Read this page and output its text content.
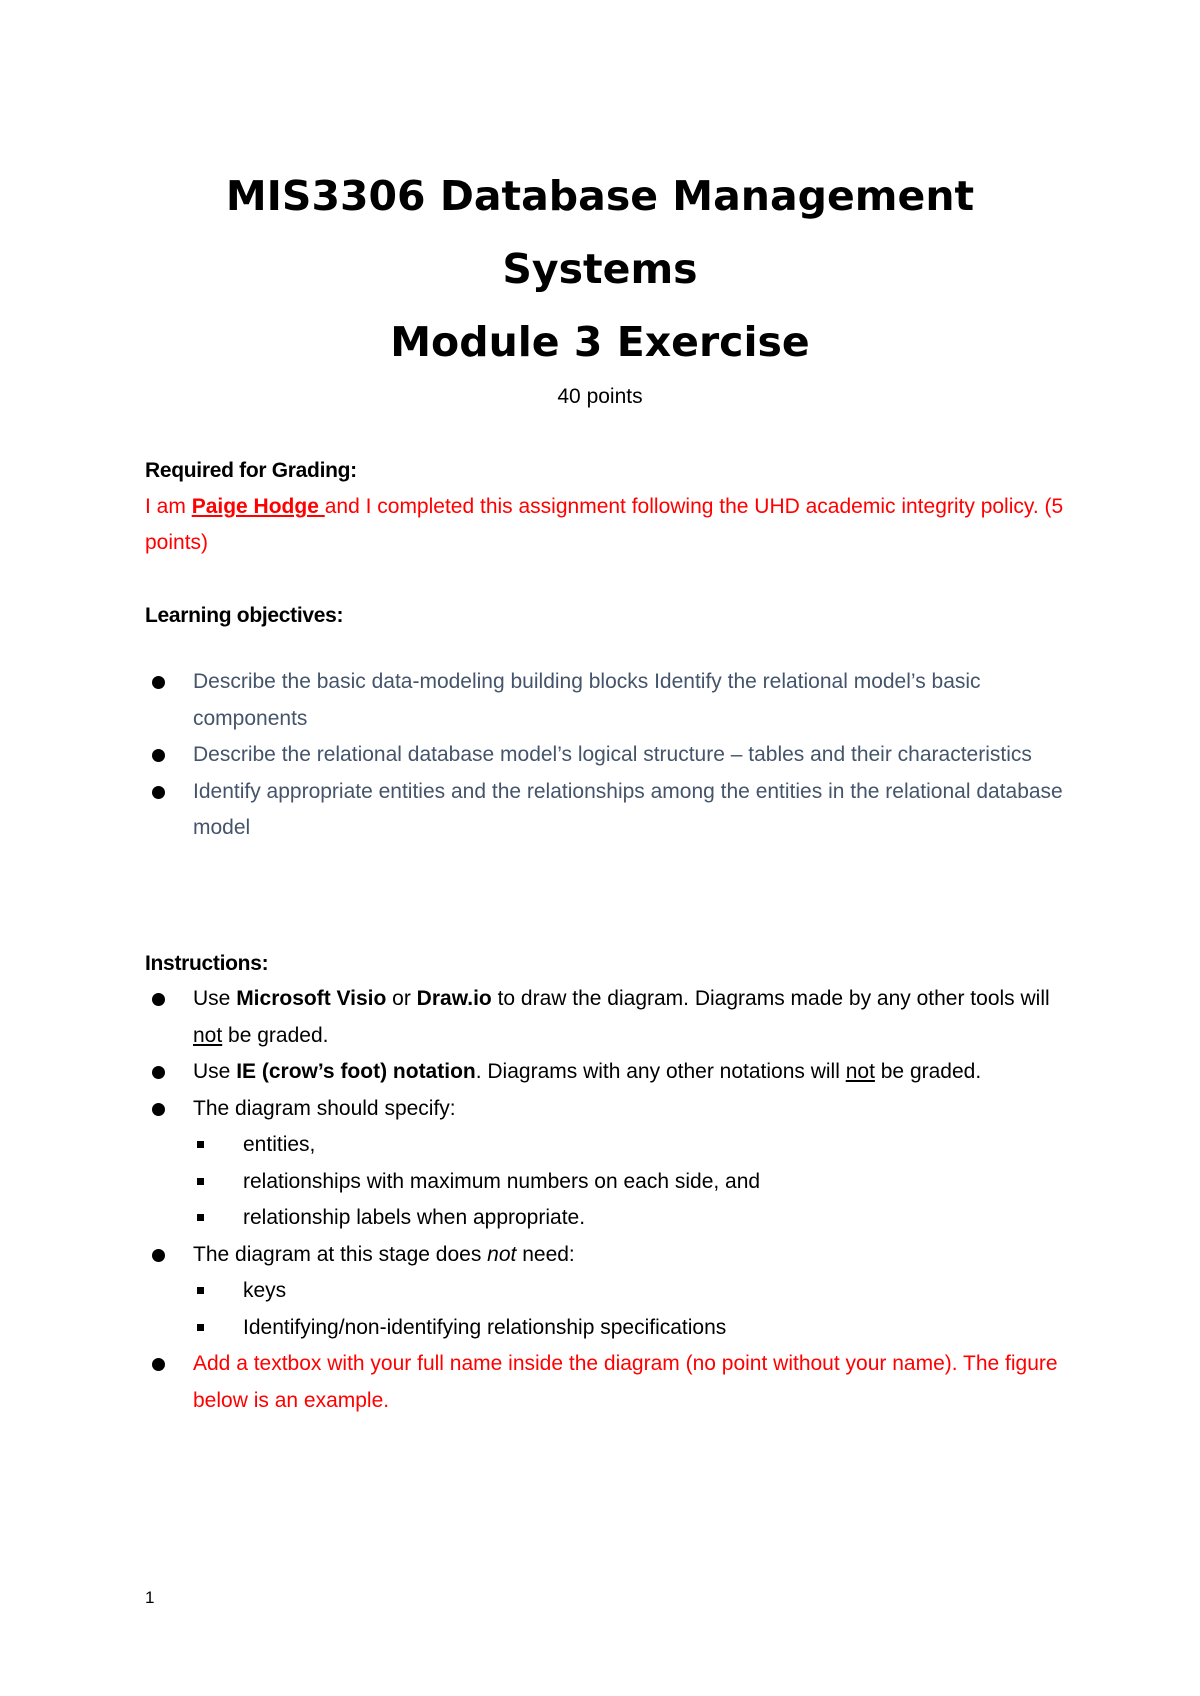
MIS3306 Database Management
Systems
Module 3 Exercise
40 points
Required for Grading:
I am Paige Hodge and I completed this assignment following the UHD academic integrity policy. (5 points)
Learning objectives:
Describe the basic data-modeling building blocks Identify the relational model’s basic components
Describe the relational database model’s logical structure – tables and their characteristics
Identify appropriate entities and the relationships among the entities in the relational database model
Instructions:
Use Microsoft Visio or Draw.io to draw the diagram. Diagrams made by any other tools will not be graded.
Use IE (crow’s foot) notation. Diagrams with any other notations will not be graded.
The diagram should specify:
entities,
relationships with maximum numbers on each side, and
relationship labels when appropriate.
The diagram at this stage does not need:
keys
Identifying/non-identifying relationship specifications
Add a textbox with your full name inside the diagram (no point without your name). The figure below is an example.
1
